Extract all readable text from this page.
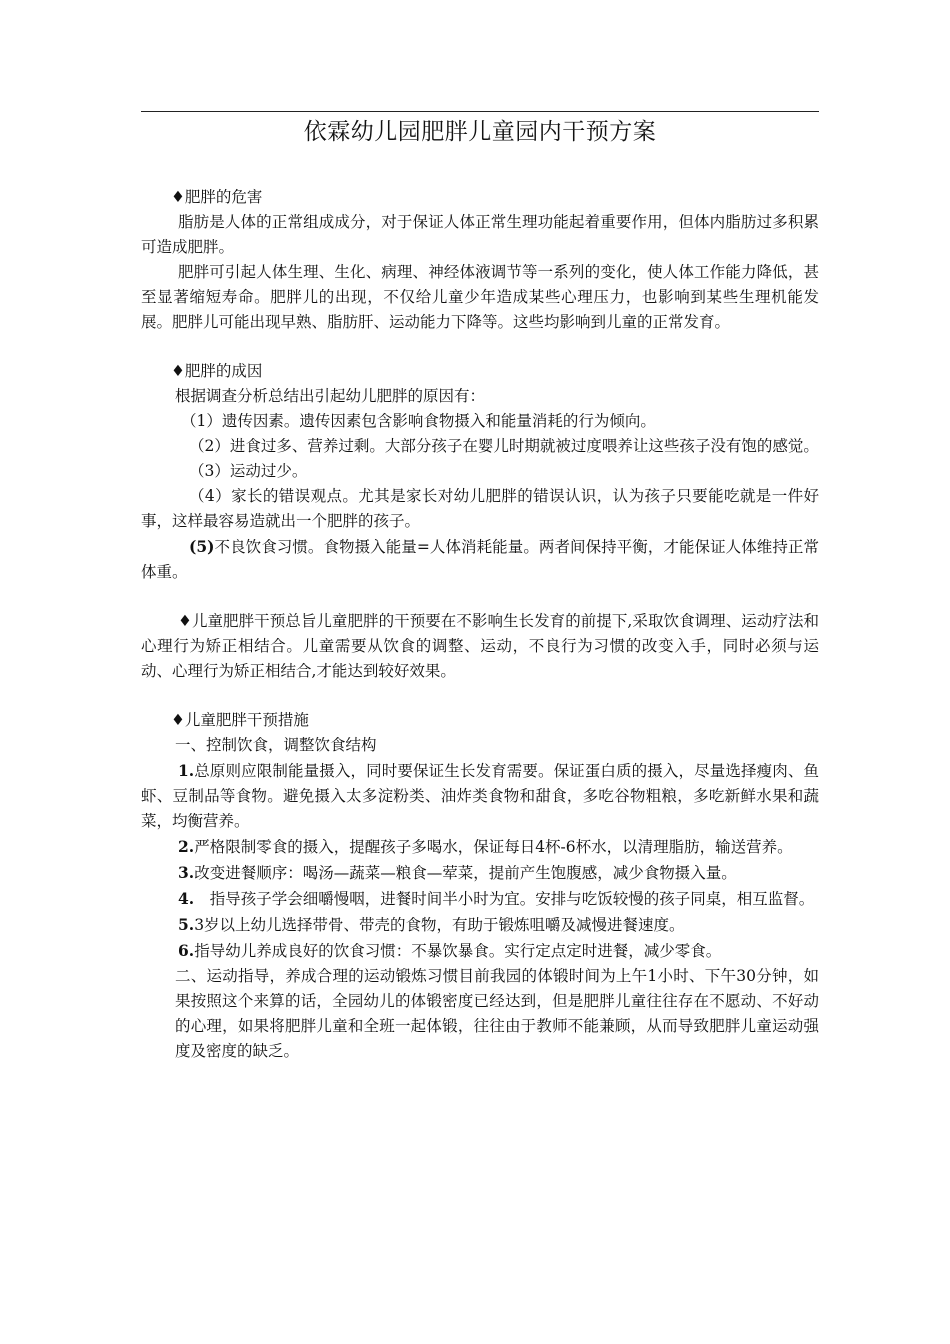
依霖幼儿园肥胖儿童园内干预方案

♦肥胖的危害

脂肪是人体的正常组成成分，对于保证人体正常生理功能起着重要作用，但体内脂肪过多积累可造成肥胖。

肥胖可引起人体生理、生化、病理、神经体液调节等一系列的变化，使人体工作能力降低，甚至显著缩短寿命。肥胖儿的出现，不仅给儿童少年造成某些心理压力，也影响到某些生理机能发展。肥胖儿可能出现早熟、脂肪肝、运动能力下降等。这些均影响到儿童的正常发育。

♦肥胖的成因

根据调查分析总结出引起幼儿肥胖的原因有：

（1）遗传因素。遗传因素包含影响食物摄入和能量消耗的行为倾向。

（2）进食过多、营养过剩。大部分孩子在婴儿时期就被过度喂养让这些孩子没有饱的感觉。

（3）运动过少。

（4）家长的错误观点。尤其是家长对幼儿肥胖的错误认识，认为孩子只要能吃就是一件好事，这样最容易造就出一个肥胖的孩子。

(5)不良饮食习惯。食物摄入能量=人体消耗能量。两者间保持平衡，才能保证人体维持正常体重。

♦儿童肥胖干预总旨儿童肥胖的干预要在不影响生长发育的前提下,采取饮食调理、运动疗法和心理行为矫正相结合。儿童需要从饮食的调整、运动，不良行为习惯的改变入手，同时必须与运动、心理行为矫正相结合,才能达到较好效果。

♦儿童肥胖干预措施

一、控制饮食，调整饮食结构

1.总原则应限制能量摄入，同时要保证生长发育需要。保证蛋白质的摄入，尽量选择瘦肉、鱼虾、豆制品等食物。避免摄入太多淀粉类、油炸类食物和甜食，多吃谷物粗粮，多吃新鲜水果和蔬菜，均衡营养。

2.严格限制零食的摄入，提醒孩子多喝水，保证每日4杯-6杯水，以清理脂肪，输送营养。

3.改变进餐顺序：喝汤—蔬菜—粮食—荤菜，提前产生饱腹感，减少食物摄入量。

4.　指导孩子学会细嚼慢咽，进餐时间半小时为宜。安排与吃饭较慢的孩子同桌，相互监督。

5.3岁以上幼儿选择带骨、带壳的食物，有助于锻炼咀嚼及减慢进餐速度。

6.指导幼儿养成良好的饮食习惯：不暴饮暴食。实行定点定时进餐，减少零食。

二、运动指导，养成合理的运动锻炼习惯目前我园的体锻时间为上午1小时、下午30分钟，如果按照这个来算的话，全园幼儿的体锻密度已经达到，但是肥胖儿童往往存在不愿动、不好动的心理，如果将肥胖儿童和全班一起体锻，往往由于教师不能兼顾，从而导致肥胖儿童运动强度及密度的缺乏。
